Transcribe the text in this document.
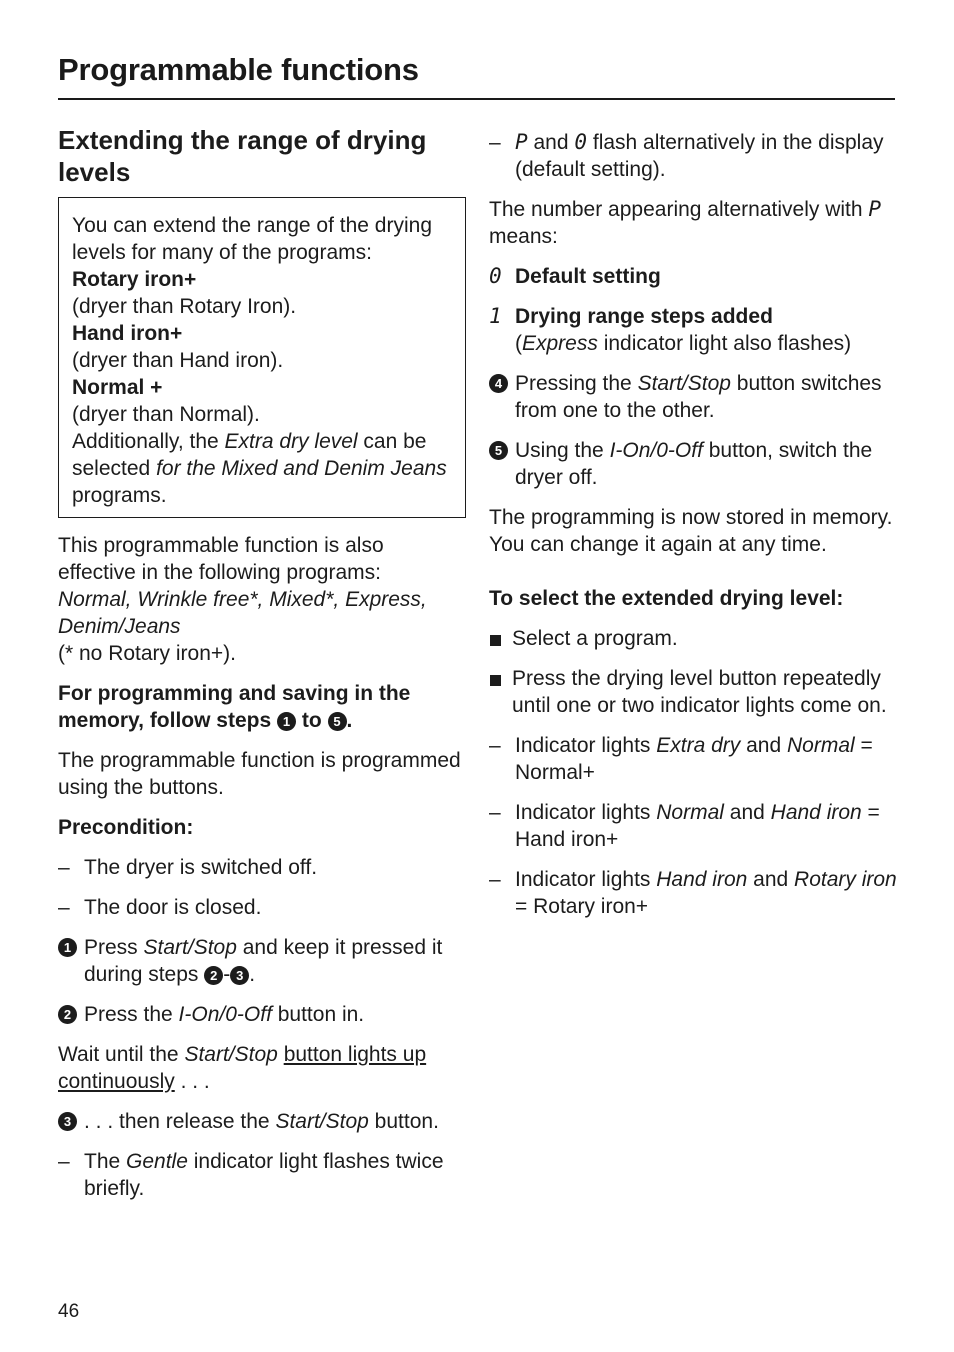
Programmable functions
Extending the range of drying levels
You can extend the range of the drying levels for many of the programs:
Rotary iron+
(dryer than Rotary Iron).
Hand iron+
(dryer than Hand iron).
Normal +
(dryer than Normal).
Additionally, the Extra dry level can be selected for the Mixed and Denim Jeans programs.
This programmable function is also effective in the following programs:
Normal, Wrinkle free*, Mixed*, Express, Denim/Jeans
(* no Rotary iron+).
For programming and saving in the memory, follow steps 1 to 5 .
The programmable function is programmed using the buttons.
Precondition:
– The dryer is switched off.
– The door is closed.
1 Press Start/Stop and keep it pressed it during steps 2 - 3 .
2 Press the I-On/0-Off button in.
Wait until the Start/Stop button lights up continuously . . .
3 . . . then release the Start/Stop button.
– The Gentle indicator light flashes twice briefly.
– P and 0 flash alternatively in the display (default setting).
The number appearing alternatively with P means:
0 Default setting
1 Drying range steps added
(Express indicator light also flashes)
4 Pressing the Start/Stop button switches from one to the other.
5 Using the I-On/0-Off button, switch the dryer off.
The programming is now stored in memory. You can change it again at any time.
To select the extended drying level:
Select a program.
Press the drying level button repeatedly until one or two indicator lights come on.
– Indicator lights Extra dry and Normal = Normal+
– Indicator lights Normal and Hand iron = Hand iron+
– Indicator lights Hand iron and Rotary iron = Rotary iron+
46
